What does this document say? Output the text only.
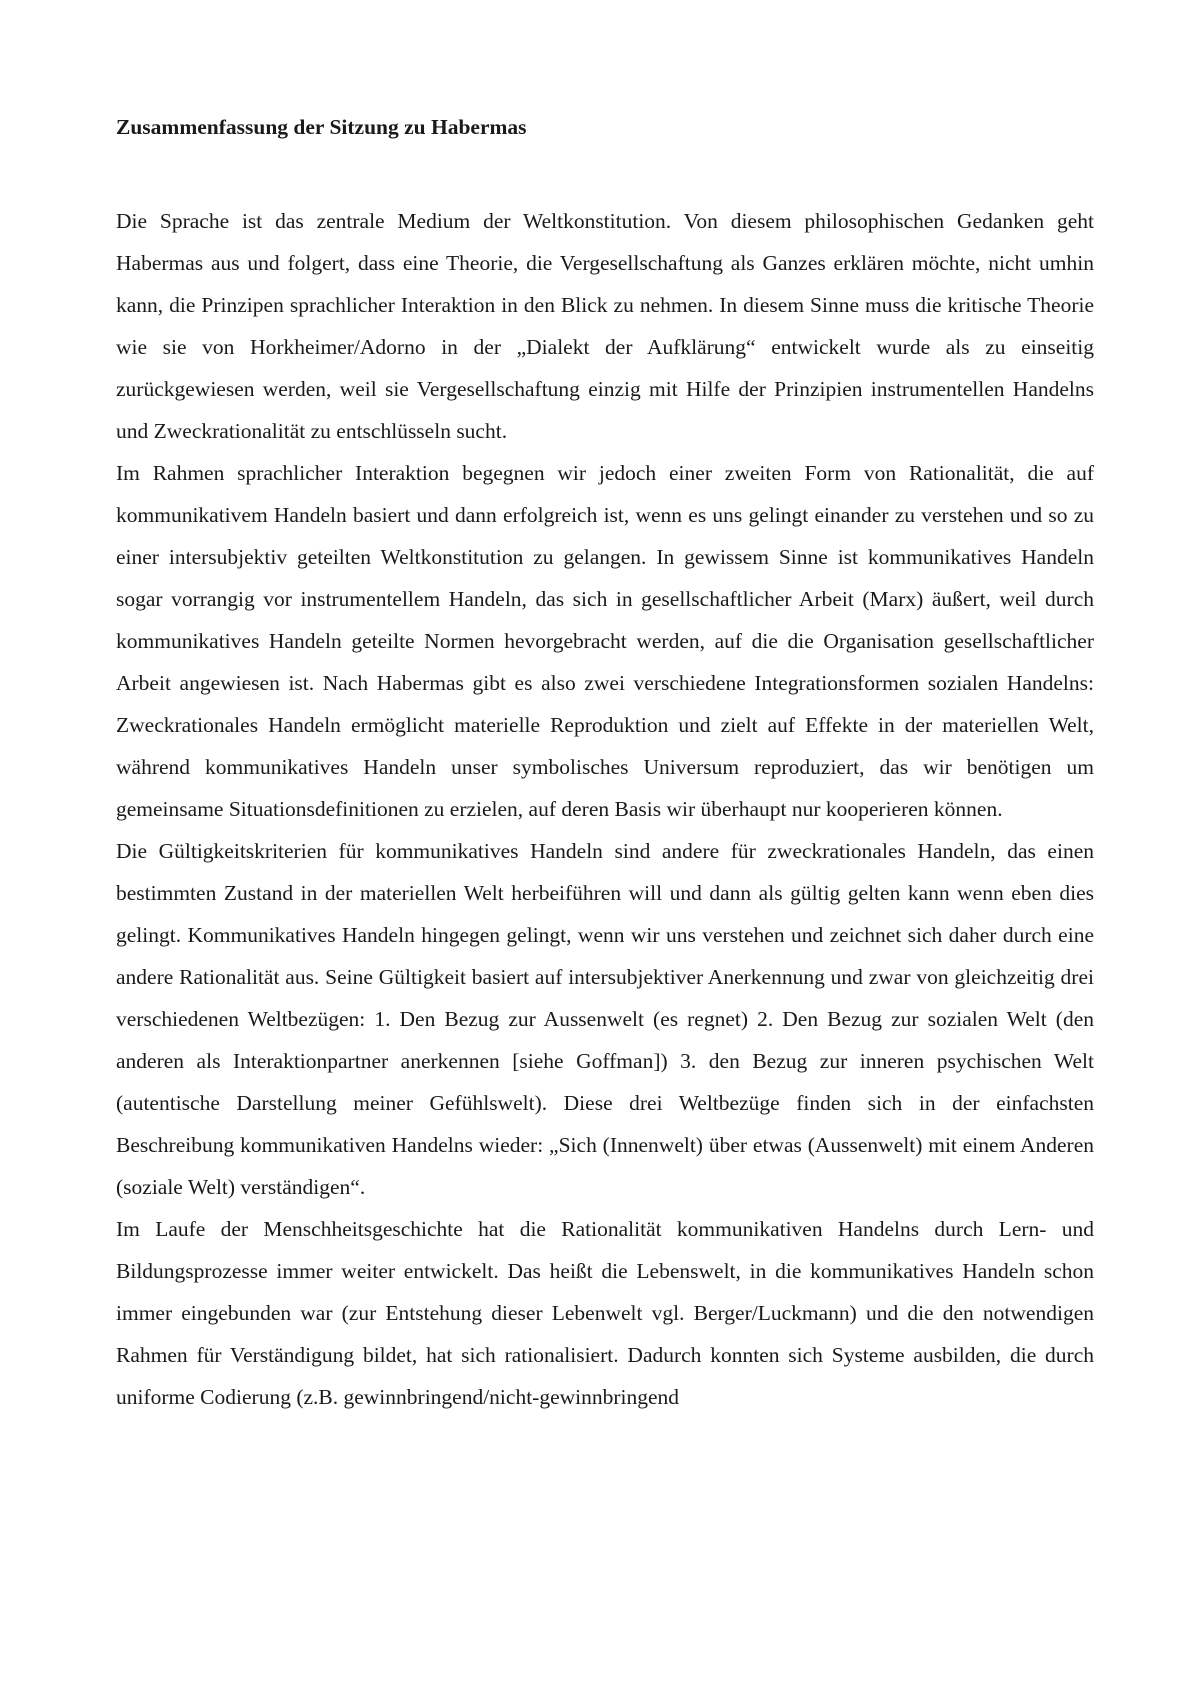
Zusammenfassung der Sitzung zu Habermas

Die Sprache ist das zentrale Medium der Weltkonstitution. Von diesem philosophischen Gedanken geht Habermas aus und folgert, dass eine Theorie, die Vergesellschaftung als Ganzes erklären möchte, nicht umhin kann, die Prinzipen sprachlicher Interaktion in den Blick zu nehmen. In diesem Sinne muss die kritische Theorie wie sie von Horkheimer/Adorno in der „Dialekt der Aufklärung“ entwickelt wurde als zu einseitig zurückgewiesen werden, weil sie Vergesellschaftung einzig mit Hilfe der Prinzipien instrumentellen Handelns und Zweckrationalität zu entschlüsseln sucht.

Im Rahmen sprachlicher Interaktion begegnen wir jedoch einer zweiten Form von Rationalität, die auf kommunikativem Handeln basiert und dann erfolgreich ist, wenn es uns gelingt einander zu verstehen und so zu einer intersubjektiv geteilten Weltkonstitution zu gelangen. In gewissem Sinne ist kommunikatives Handeln sogar vorrangig vor instrumentellem Handeln, das sich in gesellschaftlicher Arbeit (Marx) äußert, weil durch kommunikatives Handeln geteilte Normen hevorgebracht werden, auf die die Organisation gesellschaftlicher Arbeit angewiesen ist. Nach Habermas gibt es also zwei verschiedene Integrationsformen sozialen Handelns: Zweckrationales Handeln ermöglicht materielle Reproduktion und zielt auf Effekte in der materiellen Welt, während kommunikatives Handeln unser symbolisches Universum reproduziert, das wir benötigen um gemeinsame Situationsdefinitionen zu erzielen, auf deren Basis wir überhaupt nur kooperieren können.

Die Gültigkeitskriterien für kommunikatives Handeln sind andere für zweckrationales Handeln, das einen bestimmten Zustand in der materiellen Welt herbeiführen will und dann als gültig gelten kann wenn eben dies gelingt. Kommunikatives Handeln hingegen gelingt, wenn wir uns verstehen und zeichnet sich daher durch eine andere Rationalität aus. Seine Gültigkeit basiert auf intersubjektiver Anerkennung und zwar von gleichzeitig drei verschiedenen Weltbezügen: 1. Den Bezug zur Aussenwelt (es regnet) 2. Den Bezug zur sozialen Welt (den anderen als Interaktionpartner anerkennen [siehe Goffman]) 3. den Bezug zur inneren psychischen Welt (autentische Darstellung meiner Gefühlswelt). Diese drei Weltbezüge finden sich in der einfachsten Beschreibung kommunikativen Handelns wieder: „Sich (Innenwelt) über etwas (Aussenwelt) mit einem Anderen (soziale Welt) verständigen“.

Im Laufe der Menschheitsgeschichte hat die Rationalität kommunikativen Handelns durch Lern- und Bildungsprozesse immer weiter entwickelt. Das heißt die Lebenswelt, in die kommunikatives Handeln schon immer eingebunden war (zur Entstehung dieser Lebenwelt vgl. Berger/Luckmann) und die den notwendigen Rahmen für Verständigung bildet, hat sich rationalisiert. Dadurch konnten sich Systeme ausbilden, die durch uniforme Codierung (z.B. gewinnbringend/nicht-gewinnbringend
